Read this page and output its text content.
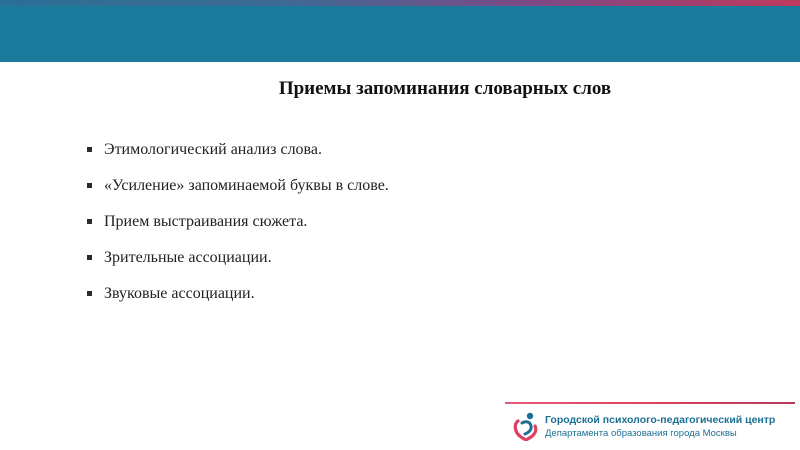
Приемы запоминания словарных слов
Этимологический анализ слова.
«Усиление» запоминаемой буквы в слове.
Прием выстраивания сюжета.
Зрительные ассоциации.
Звуковые ассоциации.
Городской психолого-педагогический центр
Департамента образования города Москвы
